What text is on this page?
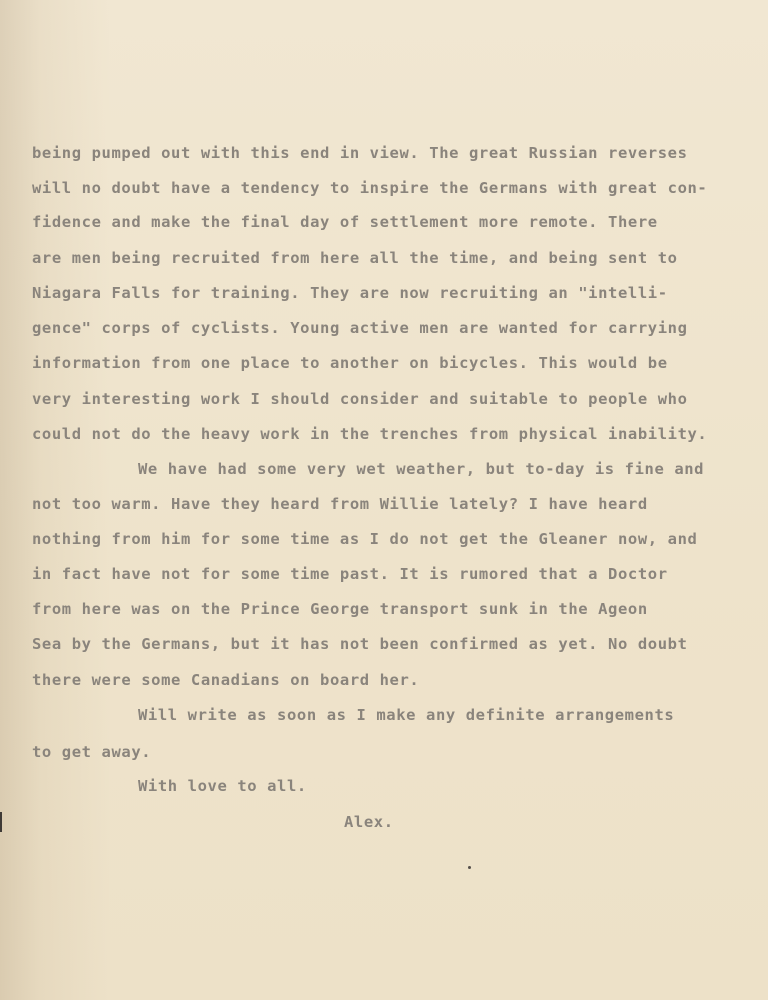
being pumped out with this end in view. The great Russian reverses

will no doubt have a tendency to inspire the Germans with great con-

fidence and make the final day of settlement more remote. There

are men being recruited from here all the time, and being sent to

Niagara Falls for training. They are now recruiting an "intelli-

gence" corps of cyclists. Young active men are wanted for carrying

information from one place to another on bicycles. This would be

very interesting work I should consider and suitable to people who

could not do the heavy work in the trenches from physical inability.

We have had some very wet weather, but to-day is fine and

not too warm. Have they heard from Willie lately? I have heard

nothing from him for some time as I do not get the Gleaner now, and

in fact have not for some time past. It is rumored that a Doctor

from here was on the Prince George transport sunk in the Ageon

Sea by the Germans, but it has not been confirmed as yet. No doubt

there were some Canadians on board her.

Will write as soon as I make any definite arrangements

to get away.

With love to all.

Alex.
